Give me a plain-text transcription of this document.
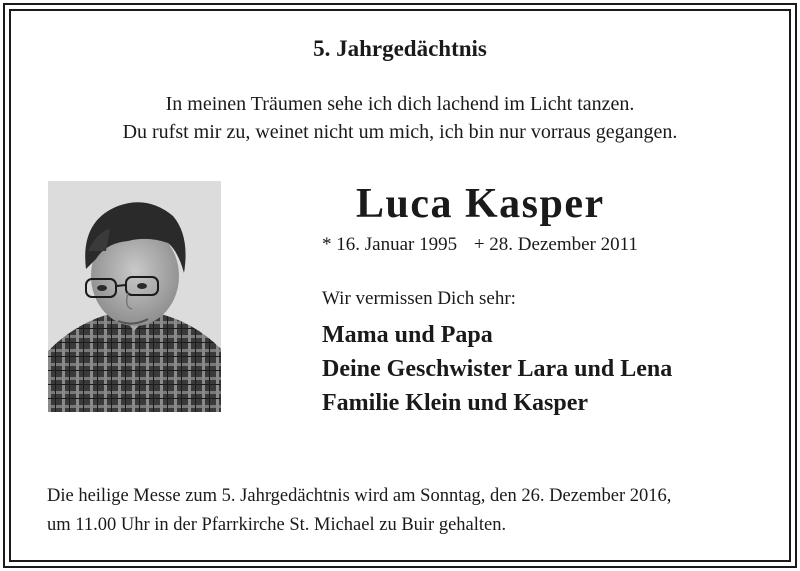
5. Jahrgedächtnis
In meinen Träumen sehe ich dich lachend im Licht tanzen.
Du rufst mir zu, weinet nicht um mich, ich bin nur vorraus gegangen.
Luca Kasper
* 16. Januar 1995 + 28. Dezember 2011
Wir vermissen Dich sehr:
Mama und Papa
Deine Geschwister Lara und Lena
Familie Klein und Kasper
Die heilige Messe zum 5. Jahrgedächtnis wird am Sonntag, den 26. Dezember 2016,
um 11.00 Uhr in der Pfarrkirche St. Michael zu Buir gehalten.
